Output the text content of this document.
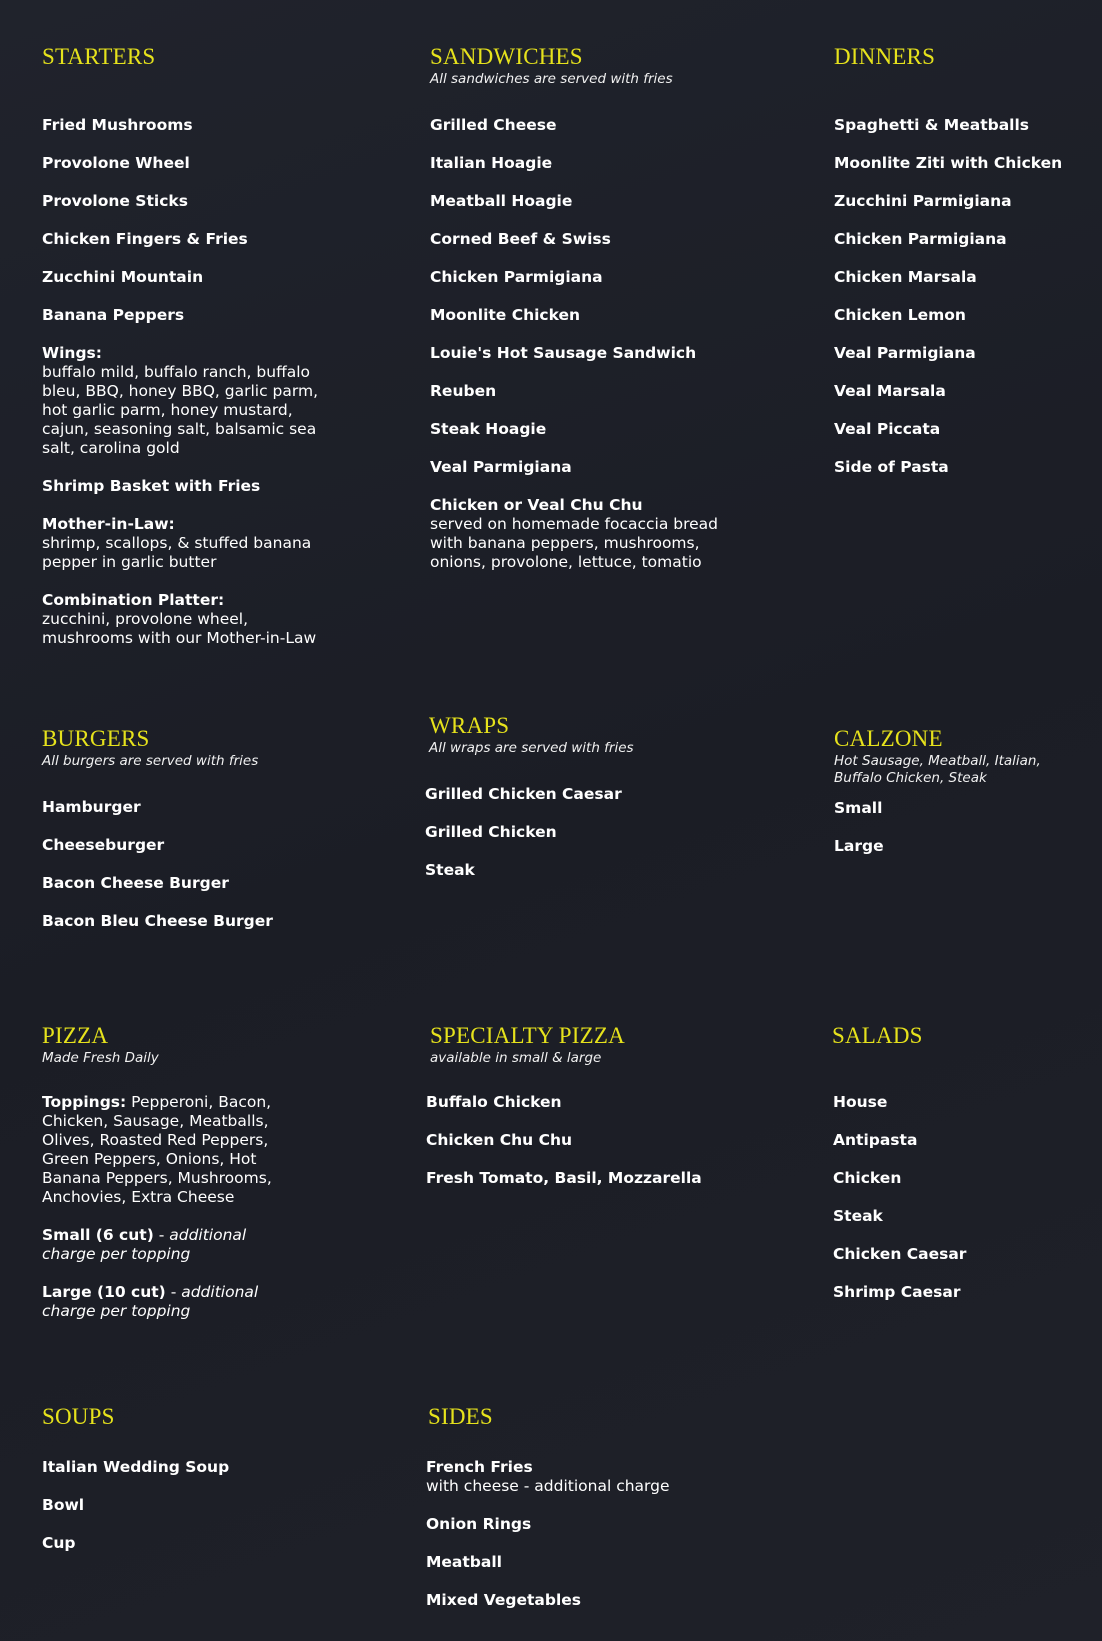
STARTERS
Fried Mushrooms
Provolone Wheel
Provolone Sticks
Chicken Fingers & Fries
Zucchini Mountain
Banana Peppers
Wings:
buffalo mild, buffalo ranch, buffalo bleu, BBQ, honey BBQ, garlic parm, hot garlic parm, honey mustard, cajun, seasoning salt, balsamic sea salt, carolina gold
Shrimp Basket with Fries
Mother-in-Law:
shrimp, scallops, & stuffed banana pepper in garlic butter
Combination Platter:
zucchini, provolone wheel, mushrooms with our Mother-in-Law
SANDWICHES
All sandwiches are served with fries
Grilled Cheese
Italian Hoagie
Meatball Hoagie
Corned Beef & Swiss
Chicken Parmigiana
Moonlite Chicken
Louie's Hot Sausage Sandwich
Reuben
Steak Hoagie
Veal Parmigiana
Chicken or Veal Chu Chu
served on homemade focaccia bread with banana peppers, mushrooms, onions, provolone, lettuce, tomatio
DINNERS
Spaghetti & Meatballs
Moonlite Ziti with Chicken
Zucchini Parmigiana
Chicken Parmigiana
Chicken Marsala
Chicken Lemon
Veal Parmigiana
Veal Marsala
Veal Piccata
Side of Pasta
BURGERS
All burgers are served with fries
Hamburger
Cheeseburger
Bacon Cheese Burger
Bacon Bleu Cheese Burger
WRAPS
All wraps are served with fries
Grilled Chicken Caesar
Grilled Chicken
Steak
CALZONE
Hot Sausage, Meatball, Italian, Buffalo Chicken, Steak
Small
Large
PIZZA
Made Fresh Daily
Toppings: Pepperoni, Bacon, Chicken, Sausage, Meatballs, Olives, Roasted Red Peppers, Green Peppers, Onions, Hot Banana Peppers, Mushrooms, Anchovies, Extra Cheese
Small (6 cut) - additional charge per topping
Large (10 cut) - additional charge per topping
SPECIALTY PIZZA
available in small & large
Buffalo Chicken
Chicken Chu Chu
Fresh Tomato, Basil, Mozzarella
SALADS
House
Antipasta
Chicken
Steak
Chicken Caesar
Shrimp Caesar
SOUPS
Italian Wedding Soup
Bowl
Cup
SIDES
French Fries
with cheese - additional charge
Onion Rings
Meatball
Mixed Vegetables
